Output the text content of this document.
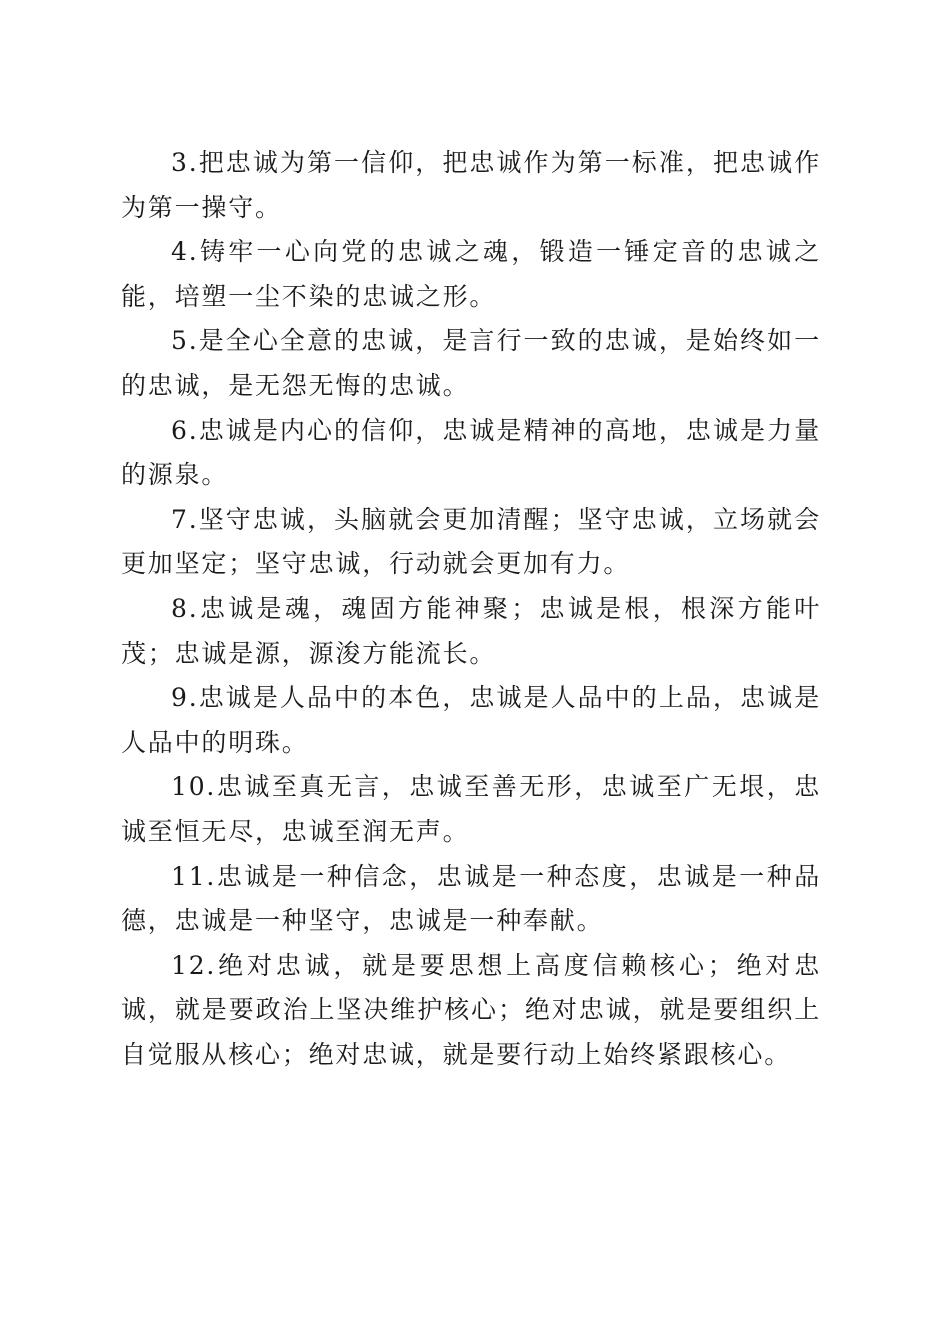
3.把忠诚为第一信仰，把忠诚作为第一标准，把忠诚作为第一操守。

4.铸牢一心向党的忠诚之魂，锻造一锤定音的忠诚之能，培塑一尘不染的忠诚之形。

5.是全心全意的忠诚，是言行一致的忠诚，是始终如一的忠诚，是无怨无悔的忠诚。

6.忠诚是内心的信仰，忠诚是精神的高地，忠诚是力量的源泉。

7.坚守忠诚，头脑就会更加清醒；坚守忠诚，立场就会更加坚定；坚守忠诚，行动就会更加有力。

8.忠诚是魂，魂固方能神聚；忠诚是根，根深方能叶茂；忠诚是源，源浚方能流长。

9.忠诚是人品中的本色，忠诚是人品中的上品，忠诚是人品中的明珠。

10.忠诚至真无言，忠诚至善无形，忠诚至广无垠，忠诚至恒无尽，忠诚至润无声。

11.忠诚是一种信念，忠诚是一种态度，忠诚是一种品德，忠诚是一种坚守，忠诚是一种奉献。

12.绝对忠诚，就是要思想上高度信赖核心；绝对忠诚，就是要政治上坚决维护核心；绝对忠诚，就是要组织上自觉服从核心；绝对忠诚，就是要行动上始终紧跟核心。
